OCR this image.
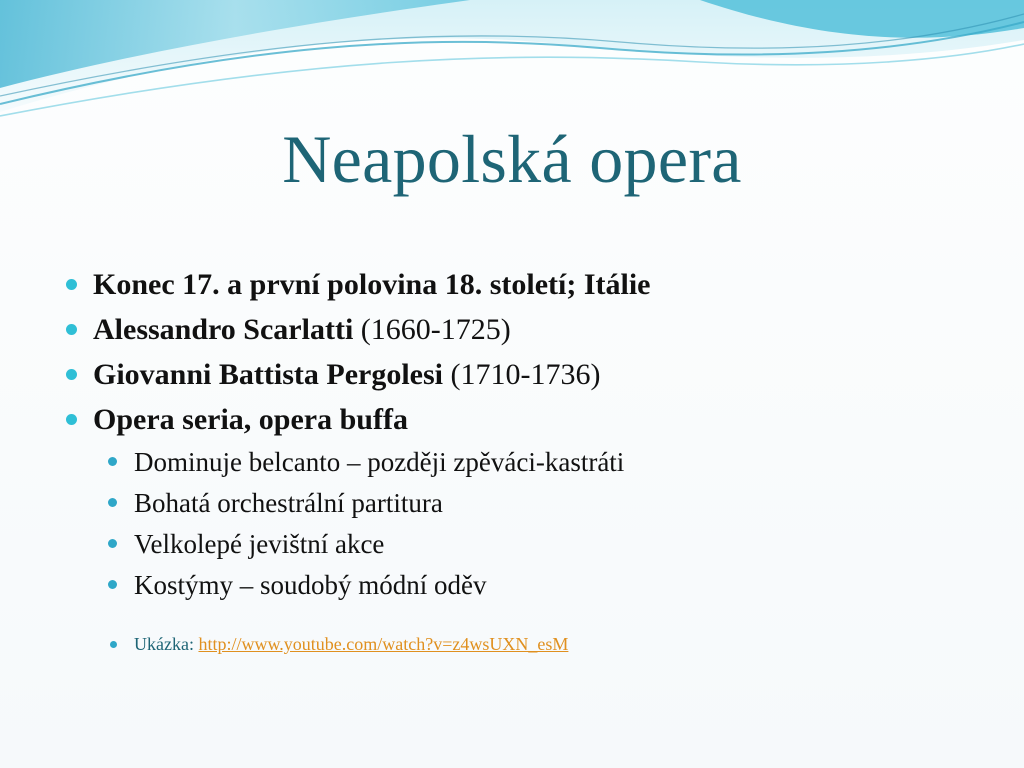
Neapolská opera
Konec 17. a první polovina 18. století; Itálie
Alessandro Scarlatti (1660-1725)
Giovanni Battista Pergolesi (1710-1736)
Opera seria, opera buffa
Dominuje belcanto – později zpěváci-kastráti
Bohatá orchestrální partitura
Velkolepé jevištní akce
Kostýmy – soudobý módní oděv
Ukázka: http://www.youtube.com/watch?v=z4wsUXN_esM
